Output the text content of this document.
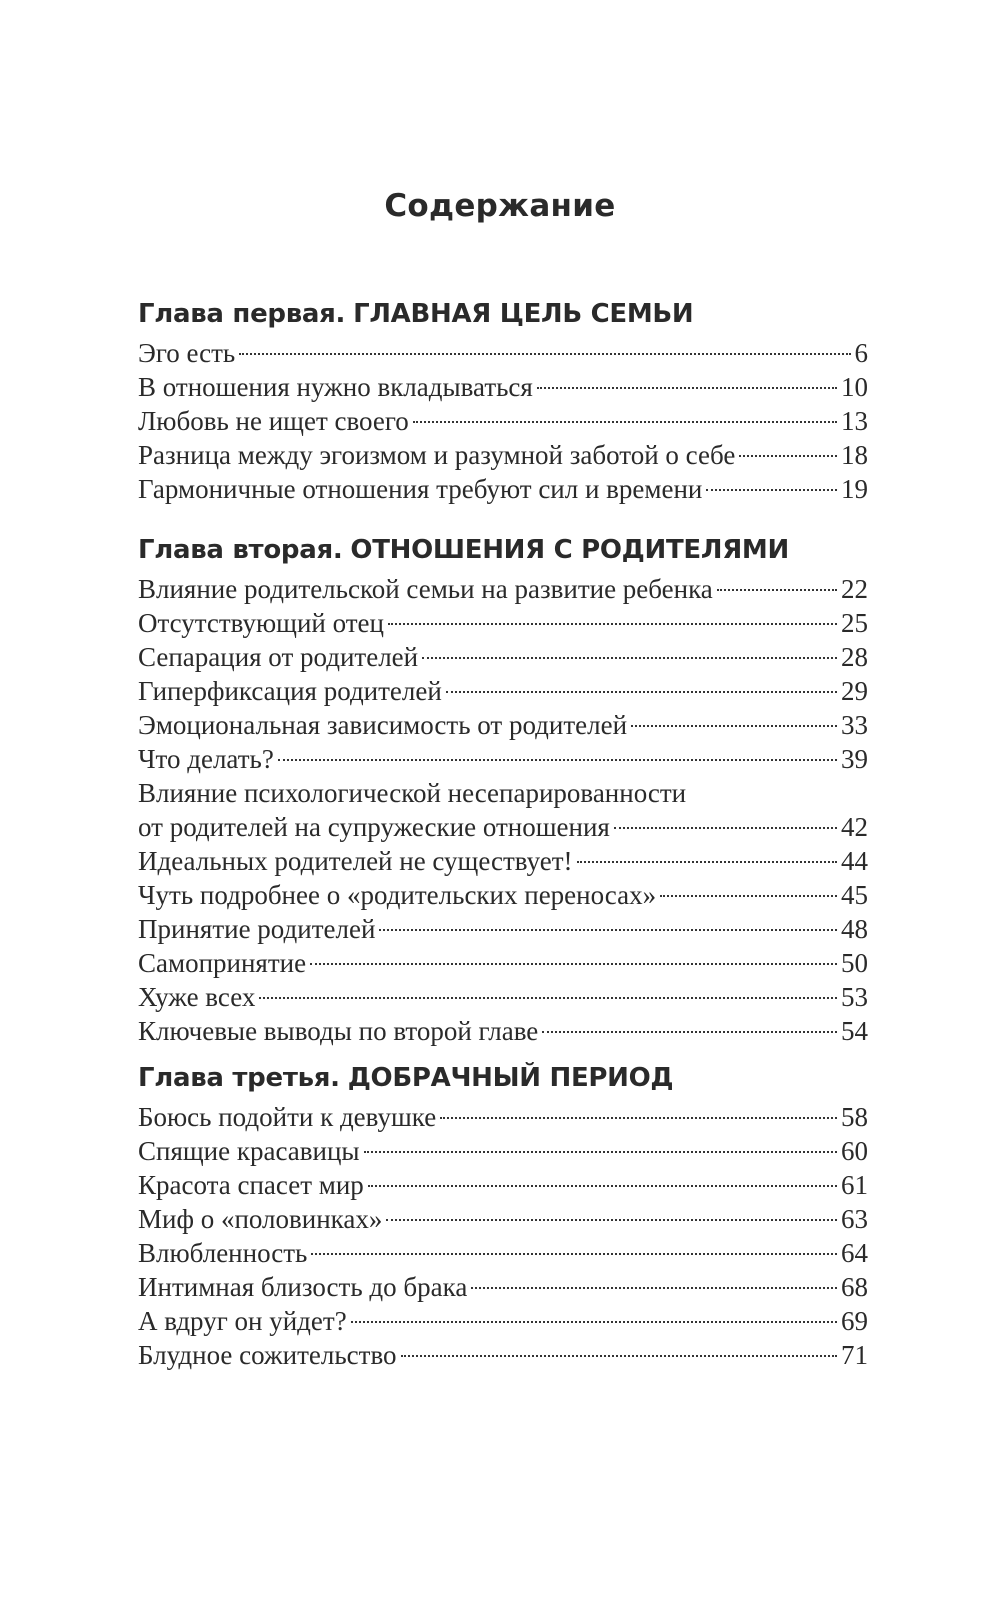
Содержание
Глава первая. ГЛАВНАЯ ЦЕЛЬ СЕМЬИ
Эго есть	6
В отношения нужно вкладываться	10
Любовь не ищет своего	13
Разница между эгоизмом и разумной заботой о себе	18
Гармоничные отношения требуют сил и времени	19
Глава вторая. ОТНОШЕНИЯ С РОДИТЕЛЯМИ
Влияние родительской семьи на развитие ребенка	22
Отсутствующий отец	25
Сепарация от родителей	28
Гиперфиксация родителей	29
Эмоциональная зависимость от родителей	33
Что делать?	39
Влияние психологической несепарированности
от родителей на супружеские отношения	42
Идеальных родителей не существует!	44
Чуть подробнее о «родительских переносах»	45
Принятие родителей	48
Самопринятие	50
Хуже всех	53
Ключевые выводы по второй главе	54
Глава третья. ДОБРАЧНЫЙ ПЕРИОД
Боюсь подойти к девушке	58
Спящие красавицы	60
Красота спасет мир	61
Миф о «половинках»	63
Влюбленность	64
Интимная близость до брака	68
А вдруг он уйдет?	69
Блудное сожительство	71
